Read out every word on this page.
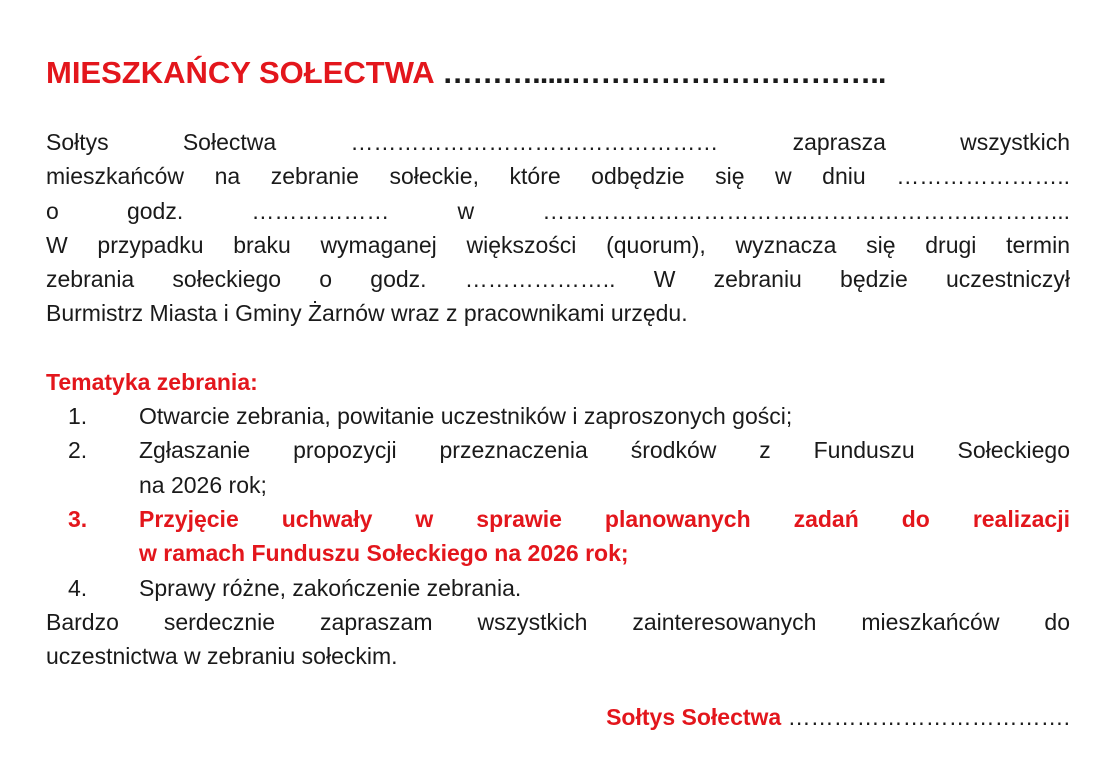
MIESZKAŃCY SOŁECTWA ……….....…………………………..

Sołtys Sołectwa ………………………………………… zaprasza wszystkich
mieszkańców na zebranie sołeckie, które odbędzie się w dniu …………………..
o godz. ……………… w ……………………………..…………………..………...
W przypadku braku wymaganej większości (quorum), wyznacza się drugi termin
zebrania sołeckiego o godz. ……………….. W zebraniu będzie uczestniczył
Burmistrz Miasta i Gminy Żarnów wraz z pracownikami urzędu.

Tematyka zebrania:
1. Otwarcie zebrania, powitanie uczestników i zaproszonych gości;
2. Zgłaszanie propozycji przeznaczenia środków z Funduszu Sołeckiego
na 2026 rok;
3. Przyjęcie uchwały w sprawie planowanych zadań do realizacji
w ramach Funduszu Sołeckiego na 2026 rok;
4. Sprawy różne, zakończenie zebrania.

Bardzo serdecznie zapraszam wszystkich zainteresowanych mieszkańców do
uczestnictwa w zebraniu sołeckim.

Sołtys Sołectwa ……………………………….
